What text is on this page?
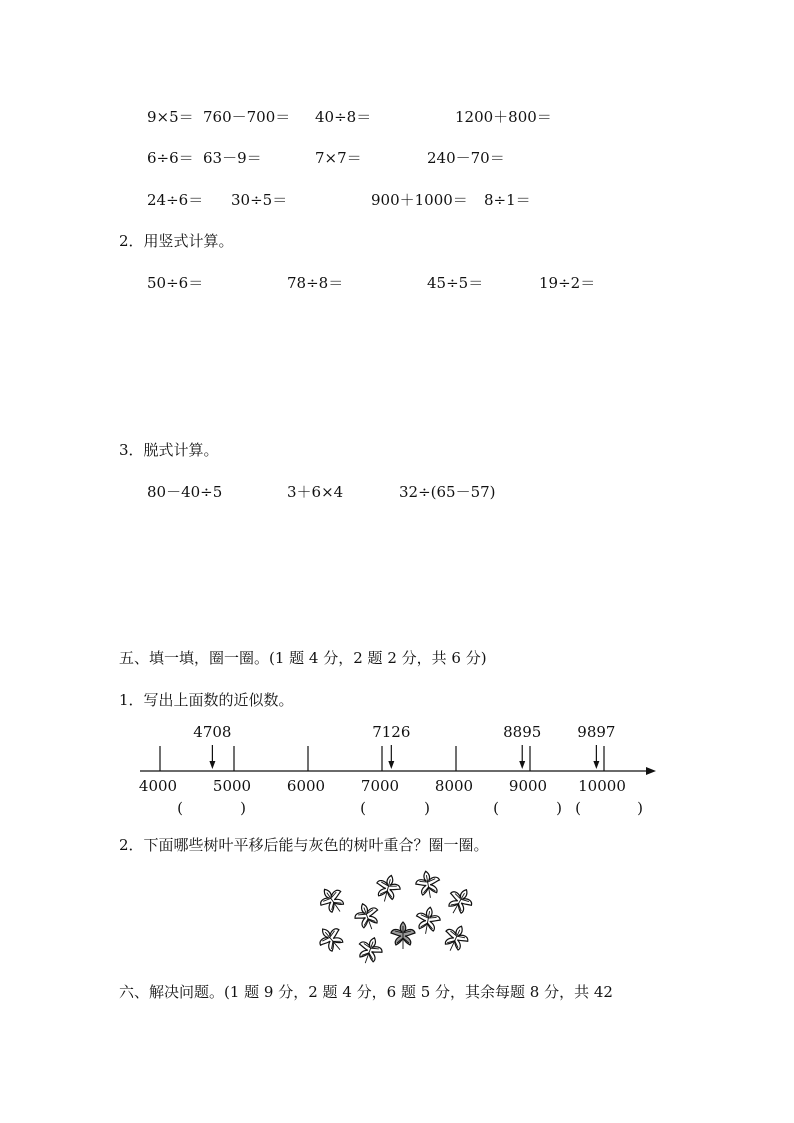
9×5＝ 760－700＝ 40÷8＝	1200＋800＝
6÷6＝ 63－9＝	7×7＝	240－70＝
24÷6＝ 30÷5＝	900＋1000＝ 8÷1＝
2．用竖式计算。
50÷6＝	78÷8＝	45÷5＝	19÷2＝
3．脱式计算。
80－40÷5	3＋6×4	32÷(65－57)
五、填一填，圈一圈。(1 题 4 分，2 题 2 分，共 6 分)
1．写出上面数的近似数。
4000 5000 6000 7000 8000 9000 10000
4708	7126	8895 9897
(	)	(	)	(	) (	)
2．下面哪些树叶平移后能与灰色的树叶重合？圈一圈。
六、解决问题。(1 题 9 分，2 题 4 分，6 题 5 分，其余每题 8 分，共 42
